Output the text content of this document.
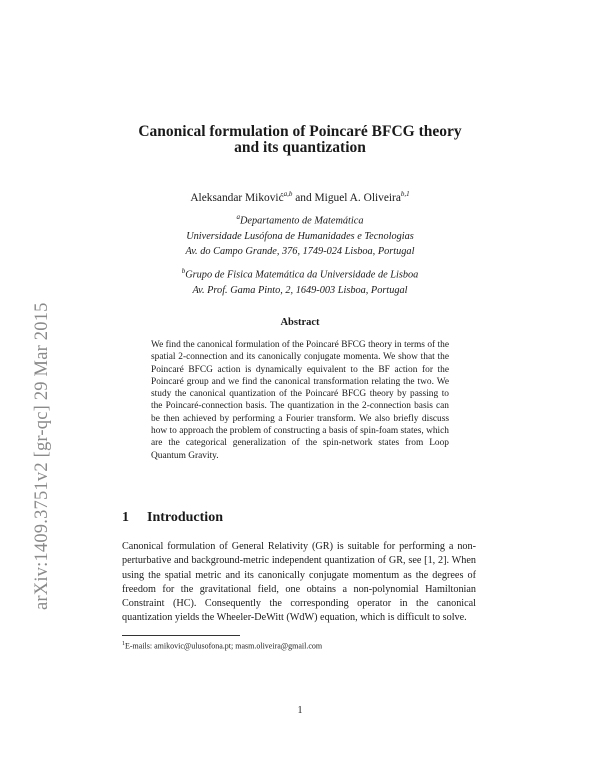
arXiv:1409.3751v2 [gr-qc] 29 Mar 2015
Canonical formulation of Poincaré BFCG theory
and its quantization
Aleksandar Miković$^{a,b}$ and Miguel A. Oliveira$^{b,1}$
$^a$Departamento de Matemática
Universidade Lusófona de Humanidades e Tecnologias
Av. do Campo Grande, 376, 1749-024 Lisboa, Portugal
$^b$Grupo de Fisica Matemática da Universidade de Lisboa
Av. Prof. Gama Pinto, 2, 1649-003 Lisboa, Portugal
Abstract
We find the canonical formulation of the Poincaré BFCG theory in terms of the spatial 2-connection and its canonically conjugate momenta. We show that the Poincaré BFCG action is dynamically equivalent to the BF action for the Poincaré group and we find the canonical transformation relating the two. We study the canonical quantization of the Poincaré BFCG theory by passing to the Poincaré-connection basis. The quantization in the 2-connection basis can be then achieved by performing a Fourier transform. We also briefly discuss how to approach the problem of constructing a basis of spin-foam states, which are the categorical generalization of the spin-network states from Loop Quantum Gravity.
1 Introduction
Canonical formulation of General Relativity (GR) is suitable for performing a non-perturbative and background-metric independent quantization of GR, see [1, 2]. When using the spatial metric and its canonically conjugate momentum as the degrees of freedom for the gravitational field, one obtains a non-polynomial Hamiltonian Constraint (HC). Consequently the corresponding operator in the canonical quantization yields the Wheeler-DeWitt (WdW) equation, which is difficult to solve.
$^1$E-mails: amikovic@ulusofona.pt; masm.oliveira@gmail.com
1
